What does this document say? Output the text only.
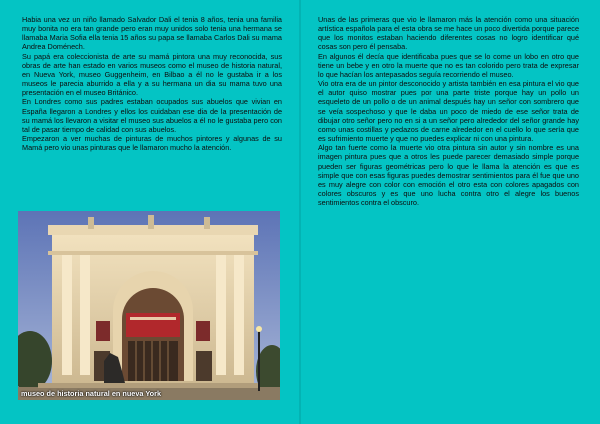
Habia una vez un niño llamado Salvador Dali el tenia 8 años, tenia una familia muy bonita no era tan grande pero eran muy unidos solo tenia una hermana se llamaba Maria Sofia ella tenia 15 años su papa se llamaba Carlos Dali su mama Andrea Doménech.

Su papá era coleccionista de arte su mamá pintora una muy reconocida, sus obras de arte han estado en varios museos como el museo de historia natural, en Nueva York, museo Guggenheim, en Bilbao a él no le gustaba ir a los museos le parecia aburrido a ella y a su hermana un dia su mama tuvo una presentación en el museo Británico.

En Londres como sus padres estaban ocupados sus abuelos que vivian en España llegaron a Londres y ellos los cuidaban ese dia de la presentación de su mamá los llevaron a visitar el museo sus abuelos a él no le gustaba pero con tal de pasar tiempo de calidad con sus abuelos.

Empezaron a ver muchas de pinturas de muchos pintores y algunas de su Mamá pero vio unas pinturas que le llamaron mucho la atención.

museo de historia natural en nueva York

Unas de las primeras que vio le llamaron más la atención como una situación artística española para el esta obra se me hace un poco divertida porque parece que los monitos estaban haciendo diferentes cosas no logro identificar qué cosas son pero él pensaba.

En algunos él decía que identificaba pues que se lo come un lobo en otro que tiene un bebe y en otro la muerte que no es tan colorido pero trata de expresar lo que hacían los antepasados seguía recorriendo el museo.

Vio otra era de un pintor desconocido y artista también en esa pintura el vio que el autor quiso mostrar pues por una parte triste porque hay un pollo un esqueleto de un pollo o de un animal después hay un señor con sombrero que se veía sospechoso y que le daba un poco de miedo de ese señor trata de dibujar otro señor pero no en si a un señor pero alrededor del señor grande hay como unas costillas y pedazos de carne alrededor en el cuello lo que sería que es sufrimiento muerte y que no puedes explicar ni con una pintura.

Algo tan fuerte como la muerte vio otra pintura sin autor y sin nombre es una imagen pintura pues que a otros les puede parecer demasiado simple porque pueden ser figuras geométricas pero lo que le llama la atención es que es simple que con esas figuras puedes demostrar sentimientos para él fue que uno es muy alegre con color con emoción el otro esta con colores apagados con colores obscuros y es que uno lucha contra otro el alegre los buenos sentimientos contra el obscuro.
